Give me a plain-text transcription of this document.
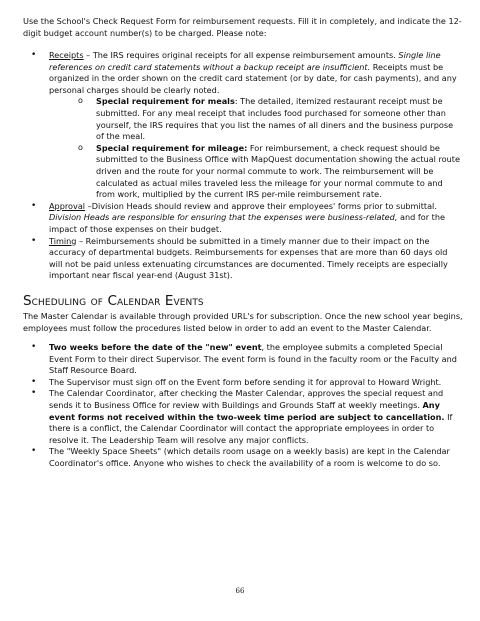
Use the School's Check Request Form for reimbursement requests. Fill it in completely, and indicate the 12-digit budget account number(s) to be charged. Please note:

• Receipts – The IRS requires original receipts for all expense reimbursement amounts. Single line references on credit card statements without a backup receipt are insufficient. Receipts must be organized in the order shown on the credit card statement (or by date, for cash payments), and any personal charges should be clearly noted.
o Special requirement for meals: The detailed, itemized restaurant receipt must be submitted. For any meal receipt that includes food purchased for someone other than yourself, the IRS requires that you list the names of all diners and the business purpose of the meal.
o Special requirement for mileage: For reimbursement, a check request should be submitted to the Business Office with MapQuest documentation showing the actual route driven and the route for your normal commute to work. The reimbursement will be calculated as actual miles traveled less the mileage for your normal commute to and from work, multiplied by the current IRS per-mile reimbursement rate.
• Approval –Division Heads should review and approve their employees' forms prior to submittal. Division Heads are responsible for ensuring that the expenses were business-related, and for the impact of those expenses on their budget.
• Timing – Reimbursements should be submitted in a timely manner due to their impact on the accuracy of departmental budgets. Reimbursements for expenses that are more than 60 days old will not be paid unless extenuating circumstances are documented. Timely receipts are especially important near fiscal year-end (August 31st).
Scheduling of Calendar Events

The Master Calendar is available through provided URL's for subscription. Once the new school year begins, employees must follow the procedures listed below in order to add an event to the Master Calendar.

• Two weeks before the date of the "new" event, the employee submits a completed Special Event Form to their direct Supervisor. The event form is found in the faculty room or the Faculty and Staff Resource Board.
• The Supervisor must sign off on the Event form before sending it for approval to Howard Wright.
• The Calendar Coordinator, after checking the Master Calendar, approves the special request and sends it to Business Office for review with Buildings and Grounds Staff at weekly meetings. Any event forms not received within the two-week time period are subject to cancellation. If there is a conflict, the Calendar Coordinator will contact the appropriate employees in order to resolve it. The Leadership Team will resolve any major conflicts.
• The "Weekly Space Sheets" (which details room usage on a weekly basis) are kept in the Calendar Coordinator's office. Anyone who wishes to check the availability of a room is welcome to do so.
66
